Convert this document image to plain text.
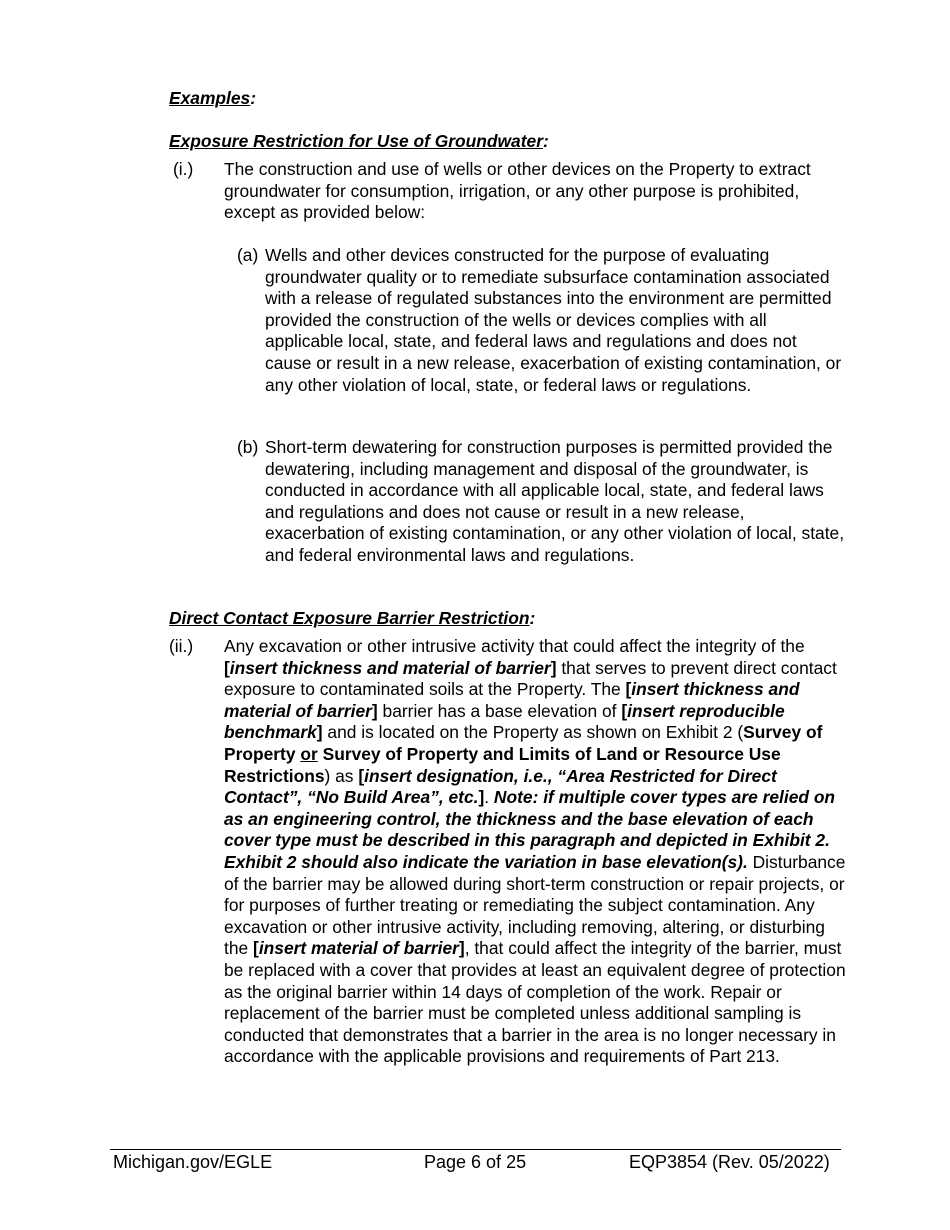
Examples:

Exposure Restriction for Use of Groundwater:

(i.) The construction and use of wells or other devices on the Property to extract groundwater for consumption, irrigation, or any other purpose is prohibited, except as provided below:
(a) Wells and other devices constructed for the purpose of evaluating groundwater quality or to remediate subsurface contamination associated with a release of regulated substances into the environment are permitted provided the construction of the wells or devices complies with all applicable local, state, and federal laws and regulations and does not cause or result in a new release, exacerbation of existing contamination, or any other violation of local, state, or federal laws or regulations.
(b) Short-term dewatering for construction purposes is permitted provided the dewatering, including management and disposal of the groundwater, is conducted in accordance with all applicable local, state, and federal laws and regulations and does not cause or result in a new release, exacerbation of existing contamination, or any other violation of local, state, and federal environmental laws and regulations.

Direct Contact Exposure Barrier Restriction:

(ii.) Any excavation or other intrusive activity that could affect the integrity of the [insert thickness and material of barrier] that serves to prevent direct contact exposure to contaminated soils at the Property. The [insert thickness and material of barrier] barrier has a base elevation of [insert reproducible benchmark] and is located on the Property as shown on Exhibit 2 (Survey of Property or Survey of Property and Limits of Land or Resource Use Restrictions) as [insert designation, i.e., “Area Restricted for Direct Contact”, “No Build Area”, etc.]. Note: if multiple cover types are relied on as an engineering control, the thickness and the base elevation of each cover type must be described in this paragraph and depicted in Exhibit 2. Exhibit 2 should also indicate the variation in base elevation(s). Disturbance of the barrier may be allowed during short-term construction or repair projects, or for purposes of further treating or remediating the subject contamination. Any excavation or other intrusive activity, including removing, altering, or disturbing the [insert material of barrier], that could affect the integrity of the barrier, must be replaced with a cover that provides at least an equivalent degree of protection as the original barrier within 14 days of completion of the work. Repair or replacement of the barrier must be completed unless additional sampling is conducted that demonstrates that a barrier in the area is no longer necessary in accordance with the applicable provisions and requirements of Part 213.
Michigan.gov/EGLE	Page 6 of 25	EQP3854 (Rev. 05/2022)
